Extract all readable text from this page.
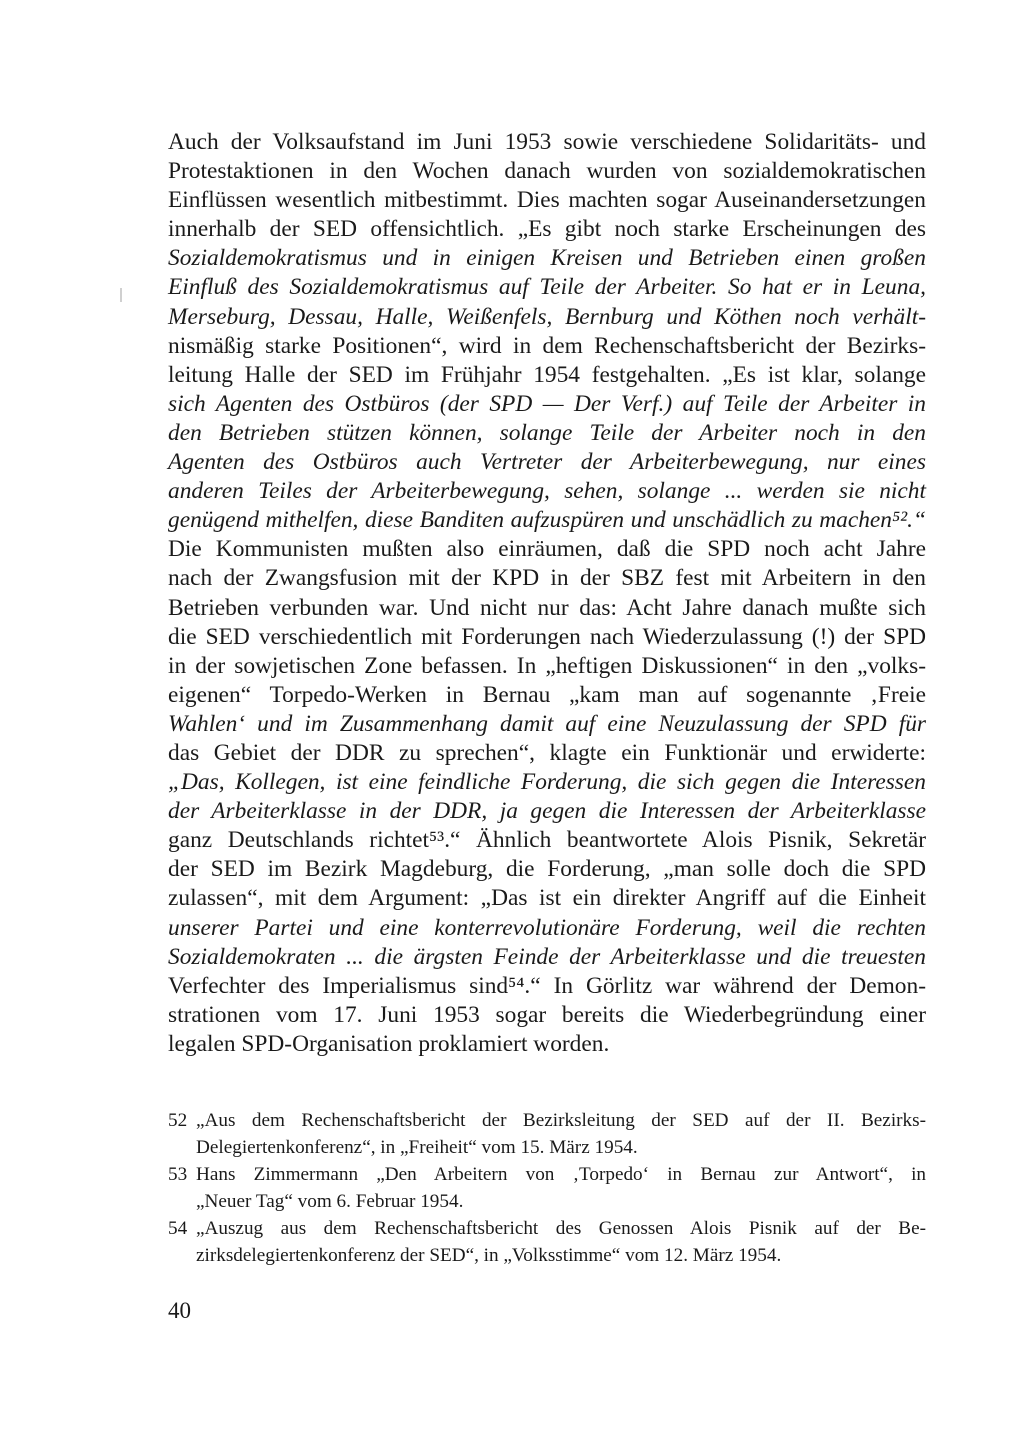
Auch der Volksaufstand im Juni 1953 sowie verschiedene Solidaritäts- und
Protestaktionen in den Wochen danach wurden von sozialdemokratischen
Einflüssen wesentlich mitbestimmt. Dies machten sogar Auseinandersetzungen
innerhalb der SED offensichtlich. „Es gibt noch starke Erscheinungen des
Sozialdemokratismus und in einigen Kreisen und Betrieben einen großen
Einfluß des Sozialdemokratismus auf Teile der Arbeiter. So hat er in Leuna,
Merseburg, Dessau, Halle, Weißenfels, Bernburg und Köthen noch verhält-
nismäßig starke Positionen“, wird in dem Rechenschaftsbericht der Bezirks-
leitung Halle der SED im Frühjahr 1954 festgehalten. „Es ist klar, solange
sich Agenten des Ostbüros (der SPD — Der Verf.) auf Teile der Arbeiter in
den Betrieben stützen können, solange Teile der Arbeiter noch in den
Agenten des Ostbüros auch Vertreter der Arbeiterbewegung, nur eines
anderen Teiles der Arbeiterbewegung, sehen, solange ... werden sie nicht
genügend mithelfen, diese Banditen aufzuspüren und unschädlich zu machen⁵².“
Die Kommunisten mußten also einräumen, daß die SPD noch acht Jahre
nach der Zwangsfusion mit der KPD in der SBZ fest mit Arbeitern in den
Betrieben verbunden war. Und nicht nur das: Acht Jahre danach mußte sich
die SED verschiedentlich mit Forderungen nach Wiederzulassung (!) der SPD
in der sowjetischen Zone befassen. In „heftigen Diskussionen“ in den „volks-
eigenen“ Torpedo-Werken in Bernau „kam man auf sogenannte ‚Freie
Wahlen‘ und im Zusammenhang damit auf eine Neuzulassung der SPD für
das Gebiet der DDR zu sprechen“, klagte ein Funktionär und erwiderte:
„Das, Kollegen, ist eine feindliche Forderung, die sich gegen die Interessen
der Arbeiterklasse in der DDR, ja gegen die Interessen der Arbeiterklasse
ganz Deutschlands richtet⁵³.“ Ähnlich beantwortete Alois Pisnik, Sekretär
der SED im Bezirk Magdeburg, die Forderung, „man solle doch die SPD
zulassen“, mit dem Argument: „Das ist ein direkter Angriff auf die Einheit
unserer Partei und eine konterrevolutionäre Forderung, weil die rechten
Sozialdemokraten ... die ärgsten Feinde der Arbeiterklasse und die treuesten
Verfechter des Imperialismus sind⁵⁴.“ In Görlitz war während der Demon-
strationen vom 17. Juni 1953 sogar bereits die Wiederbegründung einer
legalen SPD-Organisation proklamiert worden.
52 „Aus dem Rechenschaftsbericht der Bezirksleitung der SED auf der II. Bezirks-
Delegiertenkonferenz“, in „Freiheit“ vom 15. März 1954.
53 Hans Zimmermann „Den Arbeitern von ‚Torpedo‘ in Bernau zur Antwort“, in
„Neuer Tag“ vom 6. Februar 1954.
54 „Auszug aus dem Rechenschaftsbericht des Genossen Alois Pisnik auf der Be-
zirksdelegiertenkonferenz der SED“, in „Volksstimme“ vom 12. März 1954.
40
